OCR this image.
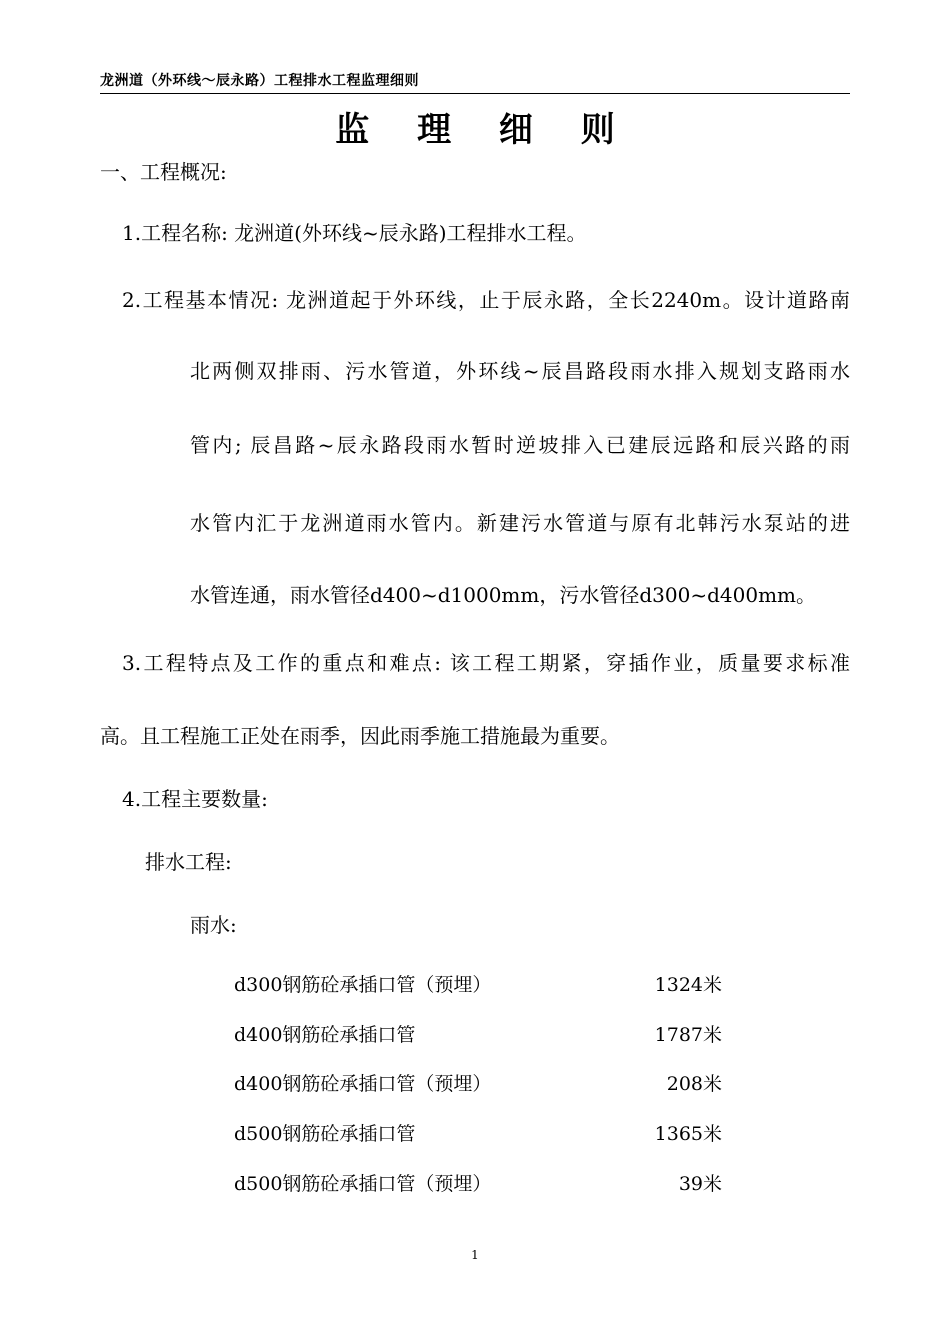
龙洲道（外环线～辰永路）工程排水工程监理细则
监 理 细 则
一、工程概况:
1.工程名称: 龙洲道(外环线~辰永路)工程排水工程。
2.工程基本情况: 龙洲道起于外环线，止于辰永路，全长2240m。设计道路南
北两侧双排雨、污水管道，外环线~辰昌路段雨水排入规划支路雨水
管内; 辰昌路~辰永路段雨水暂时逆坡排入已建辰远路和辰兴路的雨
水管内汇于龙洲道雨水管内。新建污水管道与原有北韩污水泵站的进
水管连通，雨水管径d400~d1000mm，污水管径d300~d400mm。
3.工程特点及工作的重点和难点: 该工程工期紧，穿插作业，质量要求标准
高。且工程施工正处在雨季，因此雨季施工措施最为重要。
4.工程主要数量:
排水工程:
雨水:
d300钢筋砼承插口管（预埋）	1324米
d400钢筋砼承插口管	1787米
d400钢筋砼承插口管（预埋）	208米
d500钢筋砼承插口管	1365米
d500钢筋砼承插口管（预埋）	39米
1
